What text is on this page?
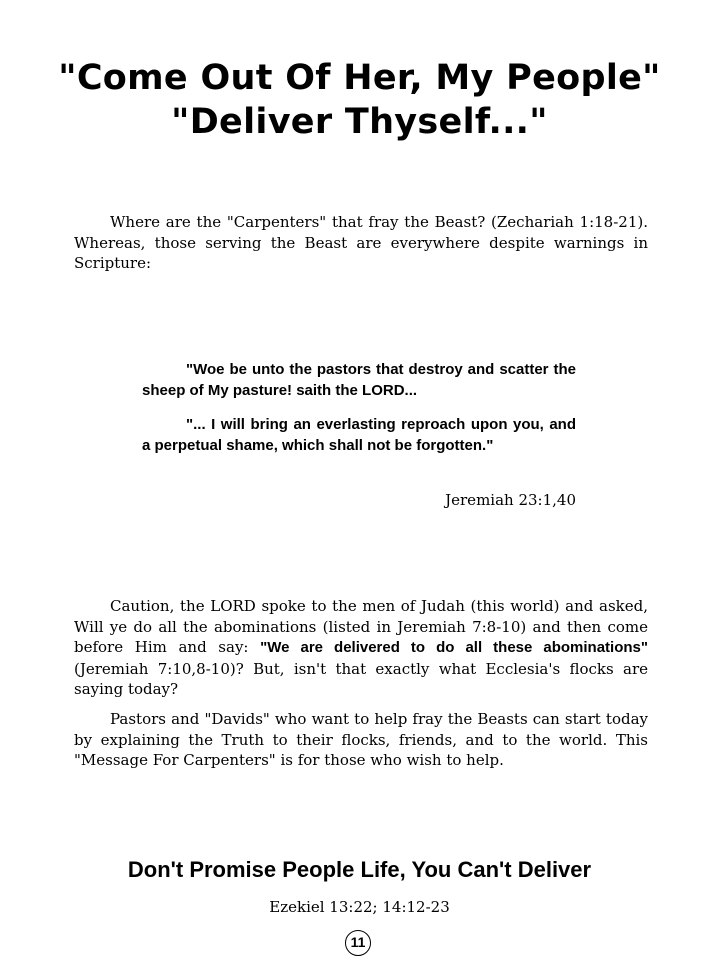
"Come Out Of Her, My People"
"Deliver Thyself..."

Where are the "Carpenters" that fray the Beast? (Zechariah 1:18-21). Whereas, those serving the Beast are everywhere despite warnings in Scripture:

"Woe be unto the pastors that destroy and scatter the sheep of My pasture! saith the LORD...

"... I will bring an everlasting reproach upon you, and a perpetual shame, which shall not be forgotten."

Jeremiah 23:1,40

Caution, the LORD spoke to the men of Judah (this world) and asked, Will ye do all the abominations (listed in Jeremiah 7:8-10) and then come before Him and say: "We are delivered to do all these abominations" (Jeremiah 7:10,8-10)? But, isn't that exactly what Ecclesia's flocks are saying today?

Pastors and "Davids" who want to help fray the Beasts can start today by explaining the Truth to their flocks, friends, and to the world. This "Message For Carpenters" is for those who wish to help.

Don't Promise People Life, You Can't Deliver
Ezekiel 13:22; 14:12-23
11
